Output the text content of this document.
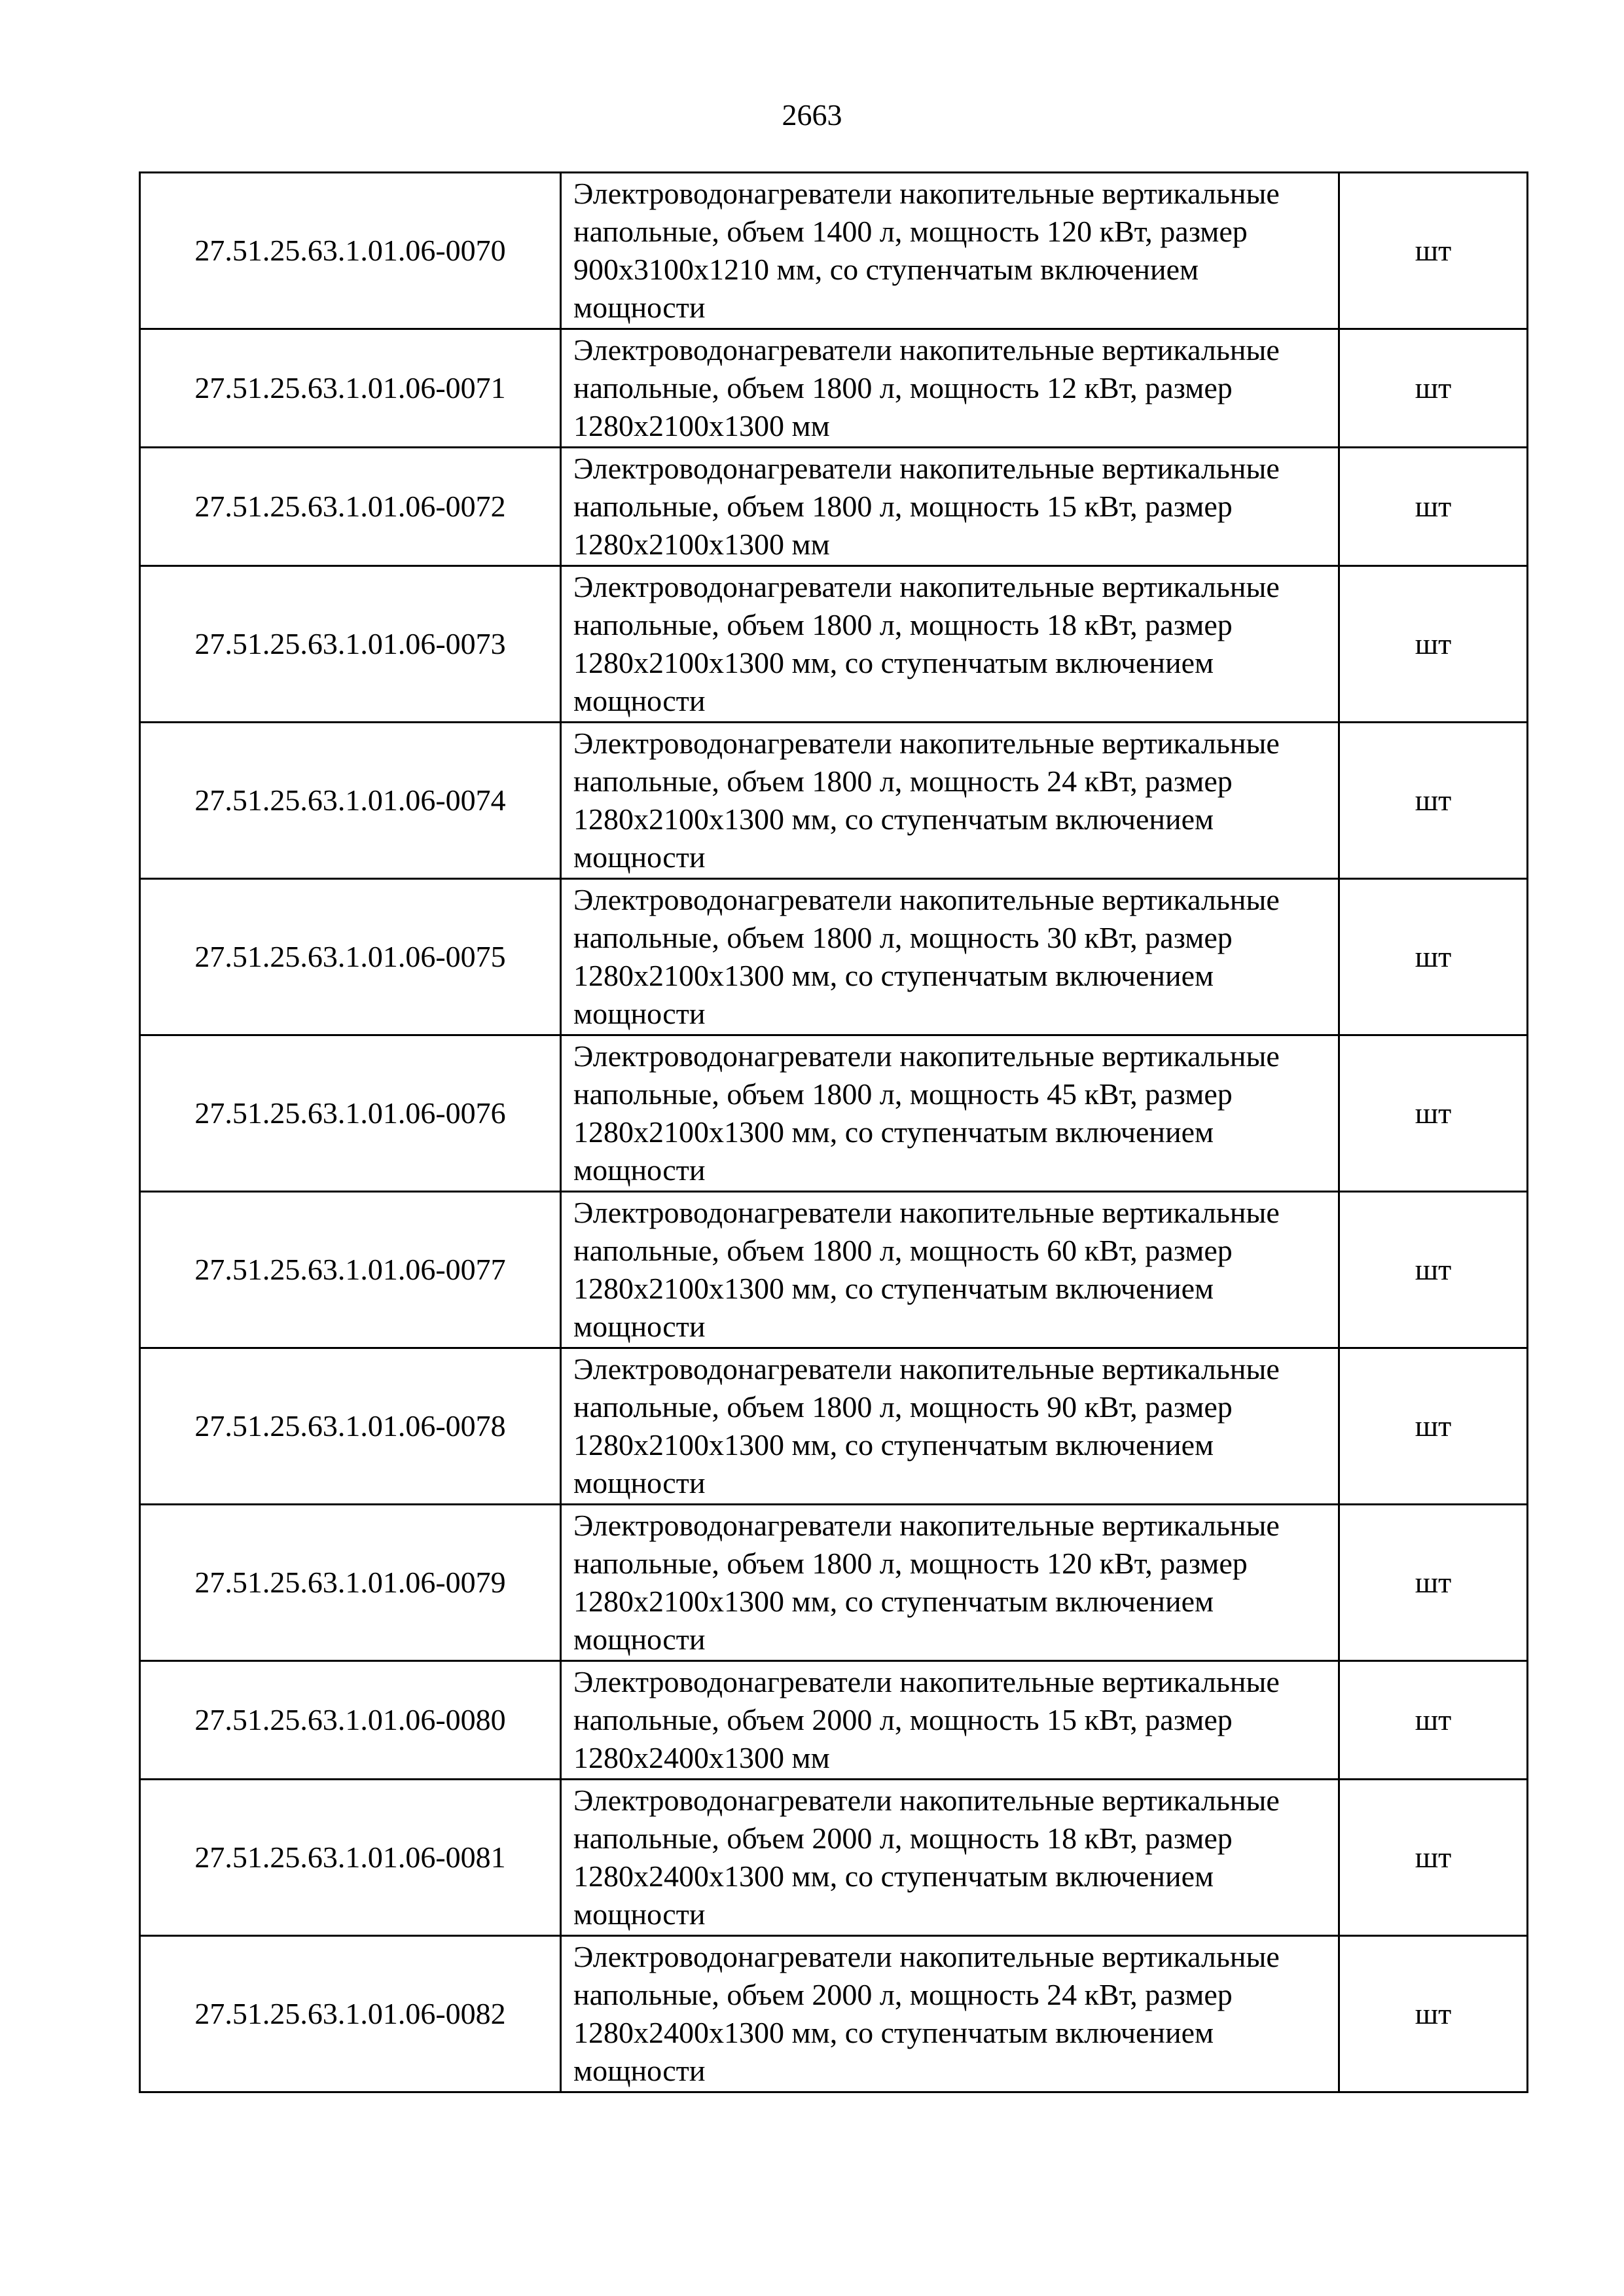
2663
27.51.25.63.1.01.06-0070	Электроводонагреватели накопительные вертикальные напольные, объем 1400 л, мощность 120 кВт, размер 900х3100х1210 мм, со ступенчатым включением мощности	шт
27.51.25.63.1.01.06-0071	Электроводонагреватели накопительные вертикальные напольные, объем 1800 л, мощность 12 кВт, размер 1280х2100х1300 мм	шт
27.51.25.63.1.01.06-0072	Электроводонагреватели накопительные вертикальные напольные, объем 1800 л, мощность 15 кВт, размер 1280х2100х1300 мм	шт
27.51.25.63.1.01.06-0073	Электроводонагреватели накопительные вертикальные напольные, объем 1800 л, мощность 18 кВт, размер 1280х2100х1300 мм, со ступенчатым включением мощности	шт
27.51.25.63.1.01.06-0074	Электроводонагреватели накопительные вертикальные напольные, объем 1800 л, мощность 24 кВт, размер 1280х2100х1300 мм, со ступенчатым включением мощности	шт
27.51.25.63.1.01.06-0075	Электроводонагреватели накопительные вертикальные напольные, объем 1800 л, мощность 30 кВт, размер 1280х2100х1300 мм, со ступенчатым включением мощности	шт
27.51.25.63.1.01.06-0076	Электроводонагреватели накопительные вертикальные напольные, объем 1800 л, мощность 45 кВт, размер 1280х2100х1300 мм, со ступенчатым включением мощности	шт
27.51.25.63.1.01.06-0077	Электроводонагреватели накопительные вертикальные напольные, объем 1800 л, мощность 60 кВт, размер 1280х2100х1300 мм, со ступенчатым включением мощности	шт
27.51.25.63.1.01.06-0078	Электроводонагреватели накопительные вертикальные напольные, объем 1800 л, мощность 90 кВт, размер 1280х2100х1300 мм, со ступенчатым включением мощности	шт
27.51.25.63.1.01.06-0079	Электроводонагреватели накопительные вертикальные напольные, объем 1800 л, мощность 120 кВт, размер 1280х2100х1300 мм, со ступенчатым включением мощности	шт
27.51.25.63.1.01.06-0080	Электроводонагреватели накопительные вертикальные напольные, объем 2000 л, мощность 15 кВт, размер 1280х2400х1300 мм	шт
27.51.25.63.1.01.06-0081	Электроводонагреватели накопительные вертикальные напольные, объем 2000 л, мощность 18 кВт, размер 1280х2400х1300 мм, со ступенчатым включением мощности	шт
27.51.25.63.1.01.06-0082	Электроводонагреватели накопительные вертикальные напольные, объем 2000 л, мощность 24 кВт, размер 1280х2400х1300 мм, со ступенчатым включением мощности	шт
